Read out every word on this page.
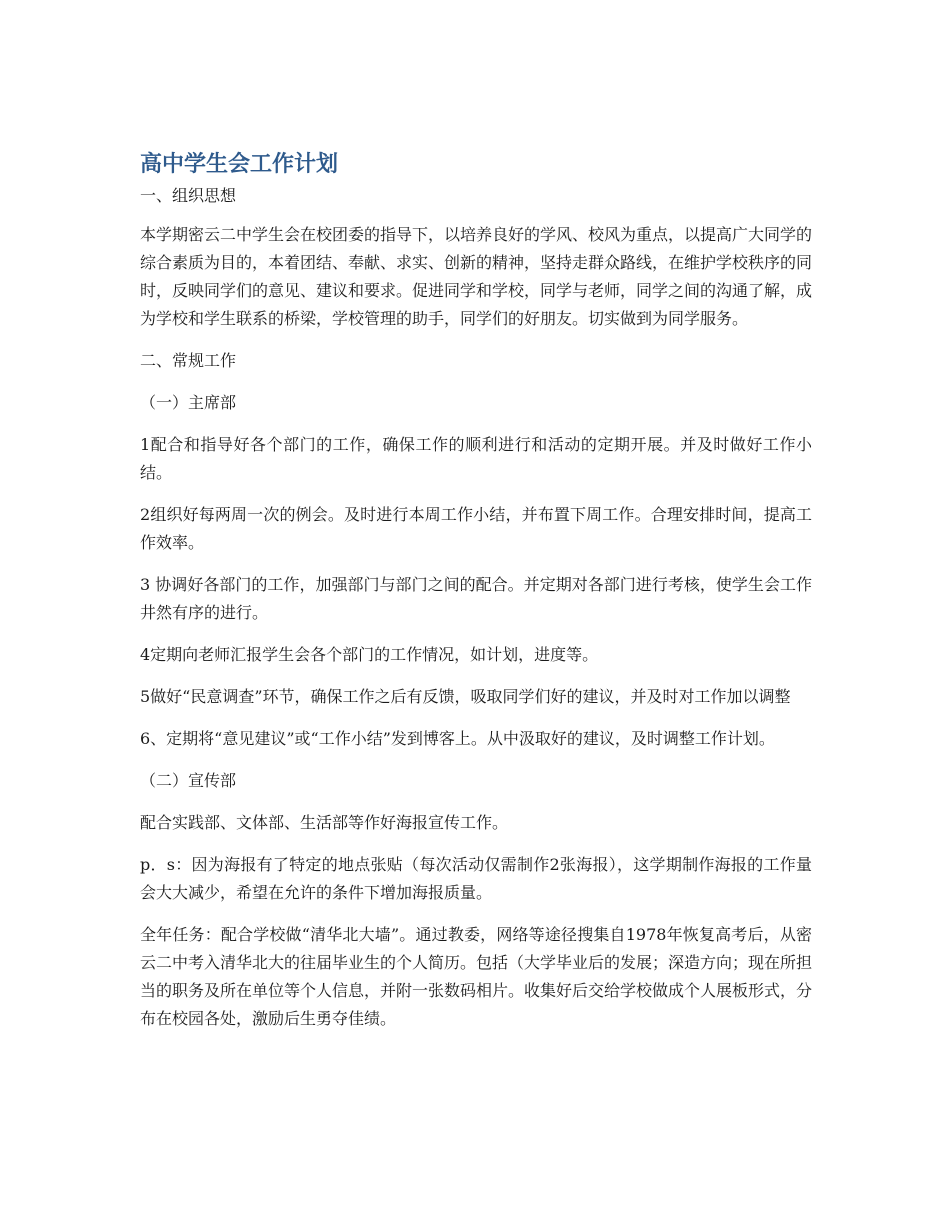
高中学生会工作计划

一、组织思想

本学期密云二中学生会在校团委的指导下，以培养良好的学风、校风为重点，以提高广大同学的综合素质为目的，本着团结、奉献、求实、创新的精神，坚持走群众路线，在维护学校秩序的同时，反映同学们的意见、建议和要求。促进同学和学校，同学与老师，同学之间的沟通了解，成为学校和学生联系的桥梁，学校管理的助手，同学们的好朋友。切实做到为同学服务。

二、常规工作

（一）主席部

1配合和指导好各个部门的工作，确保工作的顺利进行和活动的定期开展。并及时做好工作小结。

2组织好每两周一次的例会。及时进行本周工作小结，并布置下周工作。合理安排时间，提高工作效率。

3 协调好各部门的工作，加强部门与部门之间的配合。并定期对各部门进行考核，使学生会工作井然有序的进行。

4定期向老师汇报学生会各个部门的工作情况，如计划，进度等。

5做好“民意调查”环节，确保工作之后有反馈，吸取同学们好的建议，并及时对工作加以调整

6、定期将“意见建议”或“工作小结”发到博客上。从中汲取好的建议，及时调整工作计划。

（二）宣传部

配合实践部、文体部、生活部等作好海报宣传工作。

p．s：因为海报有了特定的地点张贴（每次活动仅需制作2张海报），这学期制作海报的工作量会大大减少，希望在允许的条件下增加海报质量。

全年任务：配合学校做“清华北大墙”。通过教委，网络等途径搜集自1978年恢复高考后，从密云二中考入清华北大的往届毕业生的个人简历。包括（大学毕业后的发展；深造方向；现在所担当的职务及所在单位等个人信息，并附一张数码相片。收集好后交给学校做成个人展板形式，分布在校园各处，激励后生勇夺佳绩。
